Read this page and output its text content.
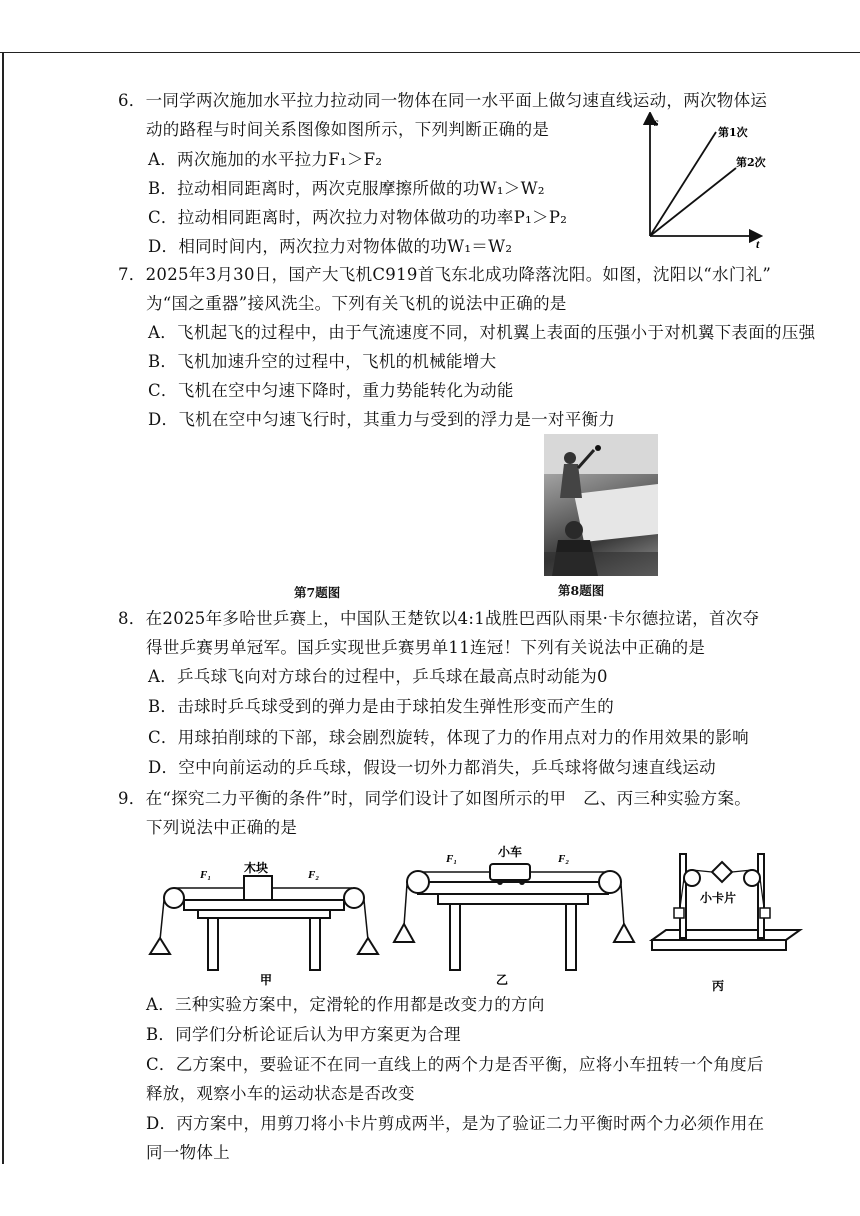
6．一同学两次施加水平拉力拉动同一物体在同一水平面上做匀速直线运动，两次物体运
动的路程与时间关系图像如图所示，下列判断正确的是
A．两次施加的水平拉力F₁＞F₂
B．拉动相同距离时，两次克服摩擦所做的功W₁＞W₂
C．拉动相同距离时，两次拉力对物体做功的功率P₁＞P₂
D．相同时间内，两次拉力对物体做的功W₁＝W₂
s
t
第1次
第2次
7．2025年3月30日，国产大飞机C919首飞东北成功降落沈阳。如图，沈阳以“水门礼”
为“国之重器”接风洗尘。下列有关飞机的说法中正确的是
A．飞机起飞的过程中，由于气流速度不同，对机翼上表面的压强小于对机翼下表面的压强
B．飞机加速升空的过程中，飞机的机械能增大
C．飞机在空中匀速下降时，重力势能转化为动能
D．飞机在空中匀速飞行时，其重力与受到的浮力是一对平衡力
第7题图	第8题图
8．在2025年多哈世乒赛上，中国队王楚钦以4:1战胜巴西队雨果·卡尔德拉诺，首次夺
得世乒赛男单冠军。国乒实现世乒赛男单11连冠！下列有关说法中正确的是
A．乒乓球飞向对方球台的过程中，乒乓球在最高点时动能为0
B．击球时乒乓球受到的弹力是由于球拍发生弹性形变而产生的
C．用球拍削球的下部，球会剧烈旋转，体现了力的作用点对力的作用效果的影响
D．空中向前运动的乒乓球，假设一切外力都消失，乒乓球将做匀速直线运动
9．在“探究二力平衡的条件”时，同学们设计了如图所示的甲　乙、丙三种实验方案。
下列说法中正确的是
木块
F₁	F₂
甲
小车
F₁	F₂
乙
小卡片
丙
A．三种实验方案中，定滑轮的作用都是改变力的方向
B．同学们分析论证后认为甲方案更为合理
C．乙方案中，要验证不在同一直线上的两个力是否平衡，应将小车扭转一个角度后
释放，观察小车的运动状态是否改变
D．丙方案中，用剪刀将小卡片剪成两半，是为了验证二力平衡时两个力必须作用在
同一物体上
